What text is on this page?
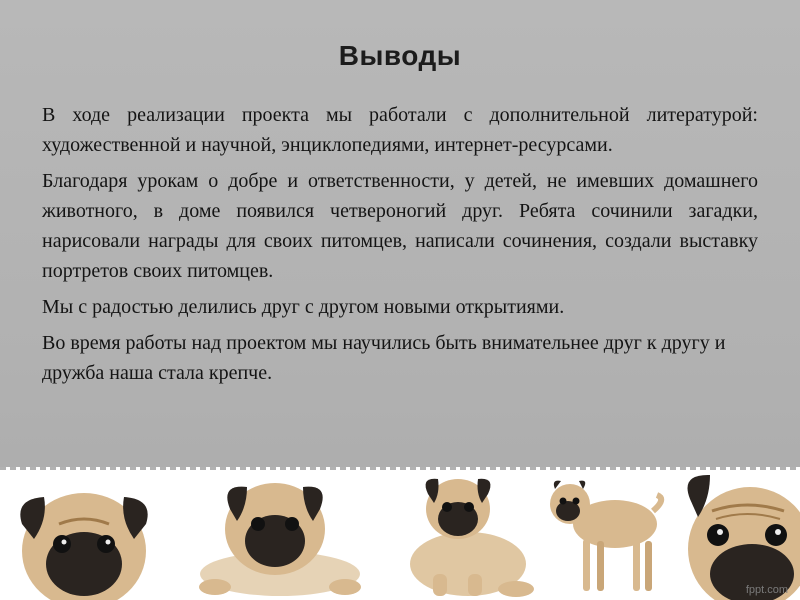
Выводы

В ходе реализации проекта мы работали с дополнительной литературой: художественной и научной, энциклопедиями, интернет-ресурсами.

Благодаря урокам о добре и ответственности, у детей, не имевших домашнего животного, в доме появился четвероногий друг. Ребята сочинили загадки, нарисовали награды для своих питомцев, написали сочинения, создали выставку портретов своих питомцев.

Мы с радостью делились друг с другом новыми открытиями.

Во время работы над проектом мы научились быть внимательнее друг к другу и дружба наша стала крепче.

fppt.com
